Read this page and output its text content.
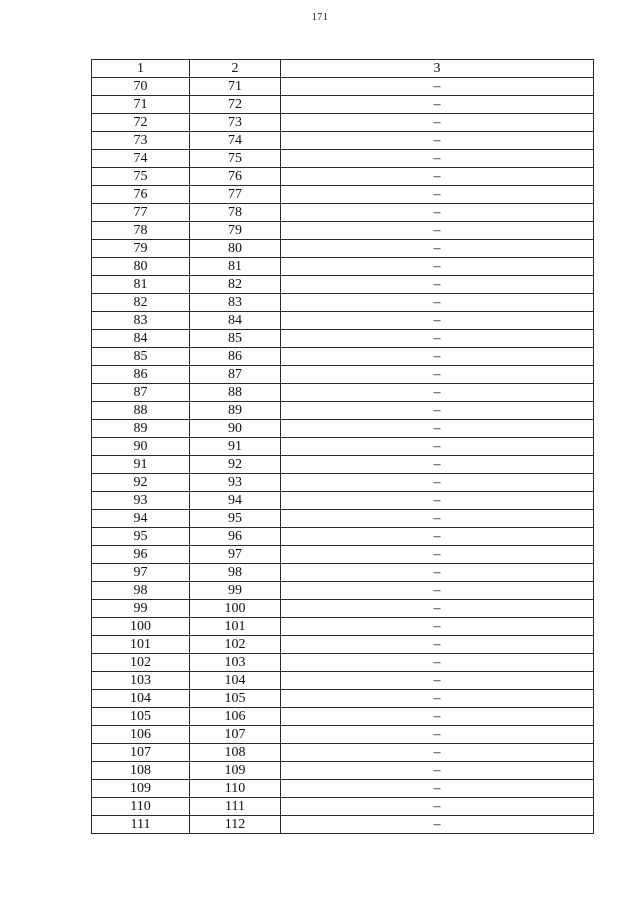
171
1	2	3
70	71	–
71	72	–
72	73	–
73	74	–
74	75	–
75	76	–
76	77	–
77	78	–
78	79	–
79	80	–
80	81	–
81	82	–
82	83	–
83	84	–
84	85	–
85	86	–
86	87	–
87	88	–
88	89	–
89	90	–
90	91	–
91	92	–
92	93	–
93	94	–
94	95	–
95	96	–
96	97	–
97	98	–
98	99	–
99	100	–
100	101	–
101	102	–
102	103	–
103	104	–
104	105	–
105	106	–
106	107	–
107	108	–
108	109	–
109	110	–
110	111	–
111	112	–
